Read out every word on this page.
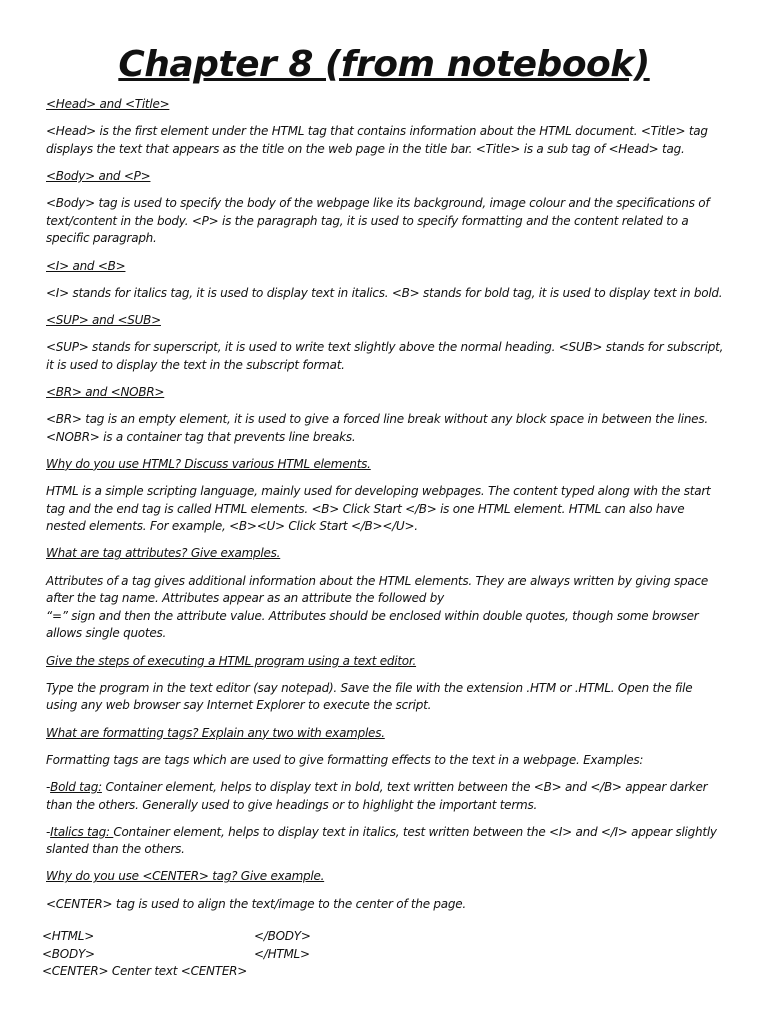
Chapter 8 (from notebook)

<Head> and <Title>

<Head> is the first element under the HTML tag that contains information about the HTML document. <Title> tag displays the text that appears as the title on the web page in the title bar. <Title> is a sub tag of <Head> tag.

<Body> and <P>

<Body> tag is used to specify the body of the webpage like its background, image colour and the specifications of text/content in the body. <P> is the paragraph tag, it is used to specify formatting and the content related to a specific paragraph.

<I> and <B>

<I> stands for italics tag, it is used to display text in italics. <B> stands for bold tag, it is used to display text in bold.

<SUP> and <SUB>

<SUP> stands for superscript, it is used to write text slightly above the normal heading. <SUB> stands for subscript, it is used to display the text in the subscript format.

<BR> and <NOBR>

<BR> tag is an empty element, it is used to give a forced line break without any block space in between the lines. <NOBR> is a container tag that prevents line breaks.

Why do you use HTML? Discuss various HTML elements.

HTML is a simple scripting language, mainly used for developing webpages. The content typed along with the start tag and the end tag is called HTML elements. <B> Click Start </B> is one HTML element. HTML can also have nested elements. For example, <B><U> Click Start </B></U>.

What are tag attributes? Give examples.

Attributes of a tag gives additional information about the HTML elements. They are always written by giving space after the tag name. Attributes appear as an attribute the followed by
“=” sign and then the attribute value. Attributes should be enclosed within double quotes, though some browser allows single quotes.

Give the steps of executing a HTML program using a text editor.

Type the program in the text editor (say notepad). Save the file with the extension .HTM or .HTML. Open the file using any web browser say Internet Explorer to execute the script.

What are formatting tags? Explain any two with examples.

Formatting tags are tags which are used to give formatting effects to the text in a webpage. Examples:

-Bold tag: Container element, helps to display text in bold, text written between the <B> and </B> appear darker than the others. Generally used to give headings or to highlight the important terms.

-Italics tag: Container element, helps to display text in italics, test written between the <I> and </I> appear slightly slanted than the others.

Why do you use <CENTER> tag? Give example.

<CENTER> tag is used to align the text/image to the center of the page.

<HTML>
<BODY>
<CENTER> Center text <CENTER>
</BODY>
</HTML>
